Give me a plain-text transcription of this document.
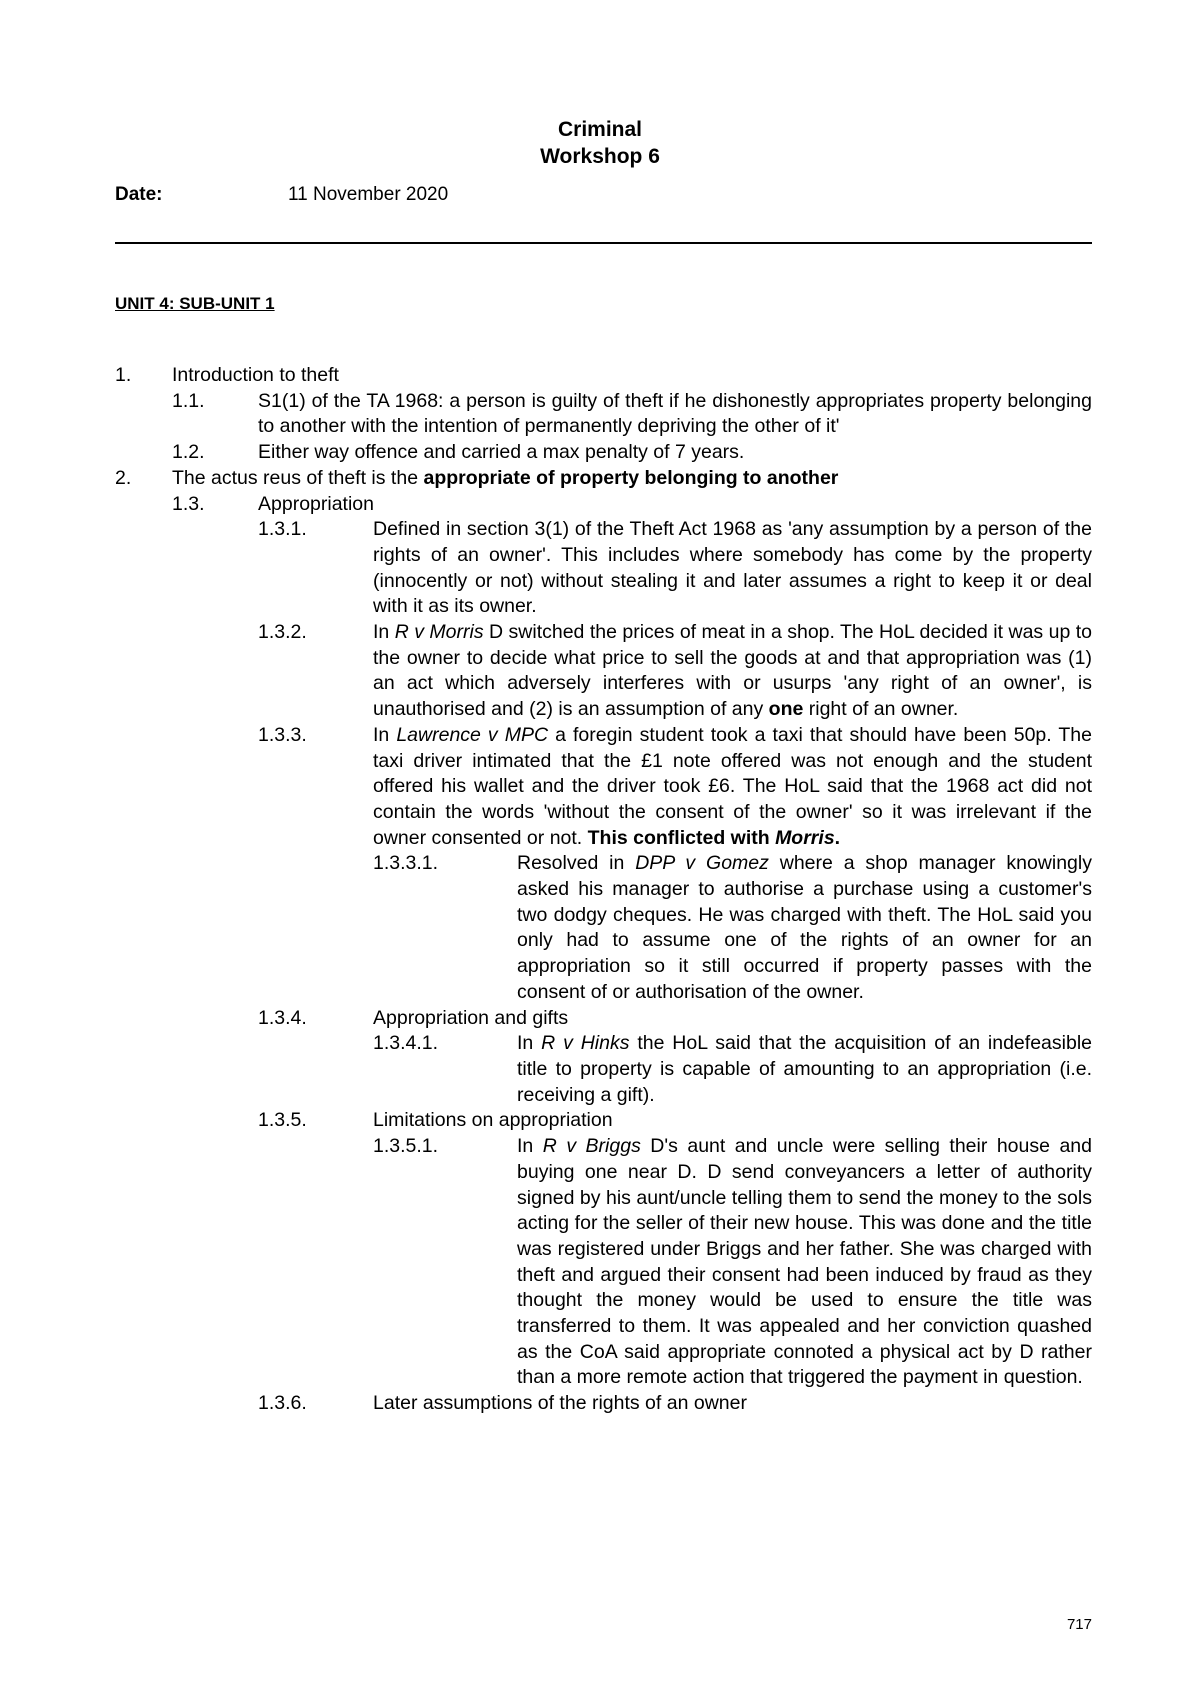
Criminal
Workshop 6
Date:	11 November 2020
UNIT 4: SUB-UNIT 1
1. Introduction to theft
1.1.	S1(1) of the TA 1968: a person is guilty of theft if he dishonestly appropriates property belonging to another with the intention of permanently depriving the other of it'
1.2.	Either way offence and carried a max penalty of 7 years.
2. The actus reus of theft is the appropriate of property belonging to another
1.3.	Appropriation
1.3.1.	Defined in section 3(1) of the Theft Act 1968 as 'any assumption by a person of the rights of an owner'. This includes where somebody has come by the property (innocently or not) without stealing it and later assumes a right to keep it or deal with it as its owner.
1.3.2.	In R v Morris D switched the prices of meat in a shop. The HoL decided it was up to the owner to decide what price to sell the goods at and that appropriation was (1) an act which adversely interferes with or usurps 'any right of an owner', is unauthorised and (2) is an assumption of any one right of an owner.
1.3.3.	In Lawrence v MPC a foregin student took a taxi that should have been 50p. The taxi driver intimated that the £1 note offered was not enough and the student offered his wallet and the driver took £6. The HoL said that the 1968 act did not contain the words 'without the consent of the owner' so it was irrelevant if the owner consented or not. This conflicted with Morris.
1.3.3.1.	Resolved in DPP v Gomez where a shop manager knowingly asked his manager to authorise a purchase using a customer's two dodgy cheques. He was charged with theft. The HoL said you only had to assume one of the rights of an owner for an appropriation so it still occurred if property passes with the consent of or authorisation of the owner.
1.3.4.	Appropriation and gifts
1.3.4.1.	In R v Hinks the HoL said that the acquisition of an indefeasible title to property is capable of amounting to an appropriation (i.e. receiving a gift).
1.3.5.	Limitations on appropriation
1.3.5.1.	In R v Briggs D's aunt and uncle were selling their house and buying one near D. D send conveyancers a letter of authority signed by his aunt/uncle telling them to send the money to the sols acting for the seller of their new house. This was done and the title was registered under Briggs and her father. She was charged with theft and argued their consent had been induced by fraud as they thought the money would be used to ensure the title was transferred to them. It was appealed and her conviction quashed as the CoA said appropriate connoted a physical act by D rather than a more remote action that triggered the payment in question.
1.3.6.	Later assumptions of the rights of an owner
717
